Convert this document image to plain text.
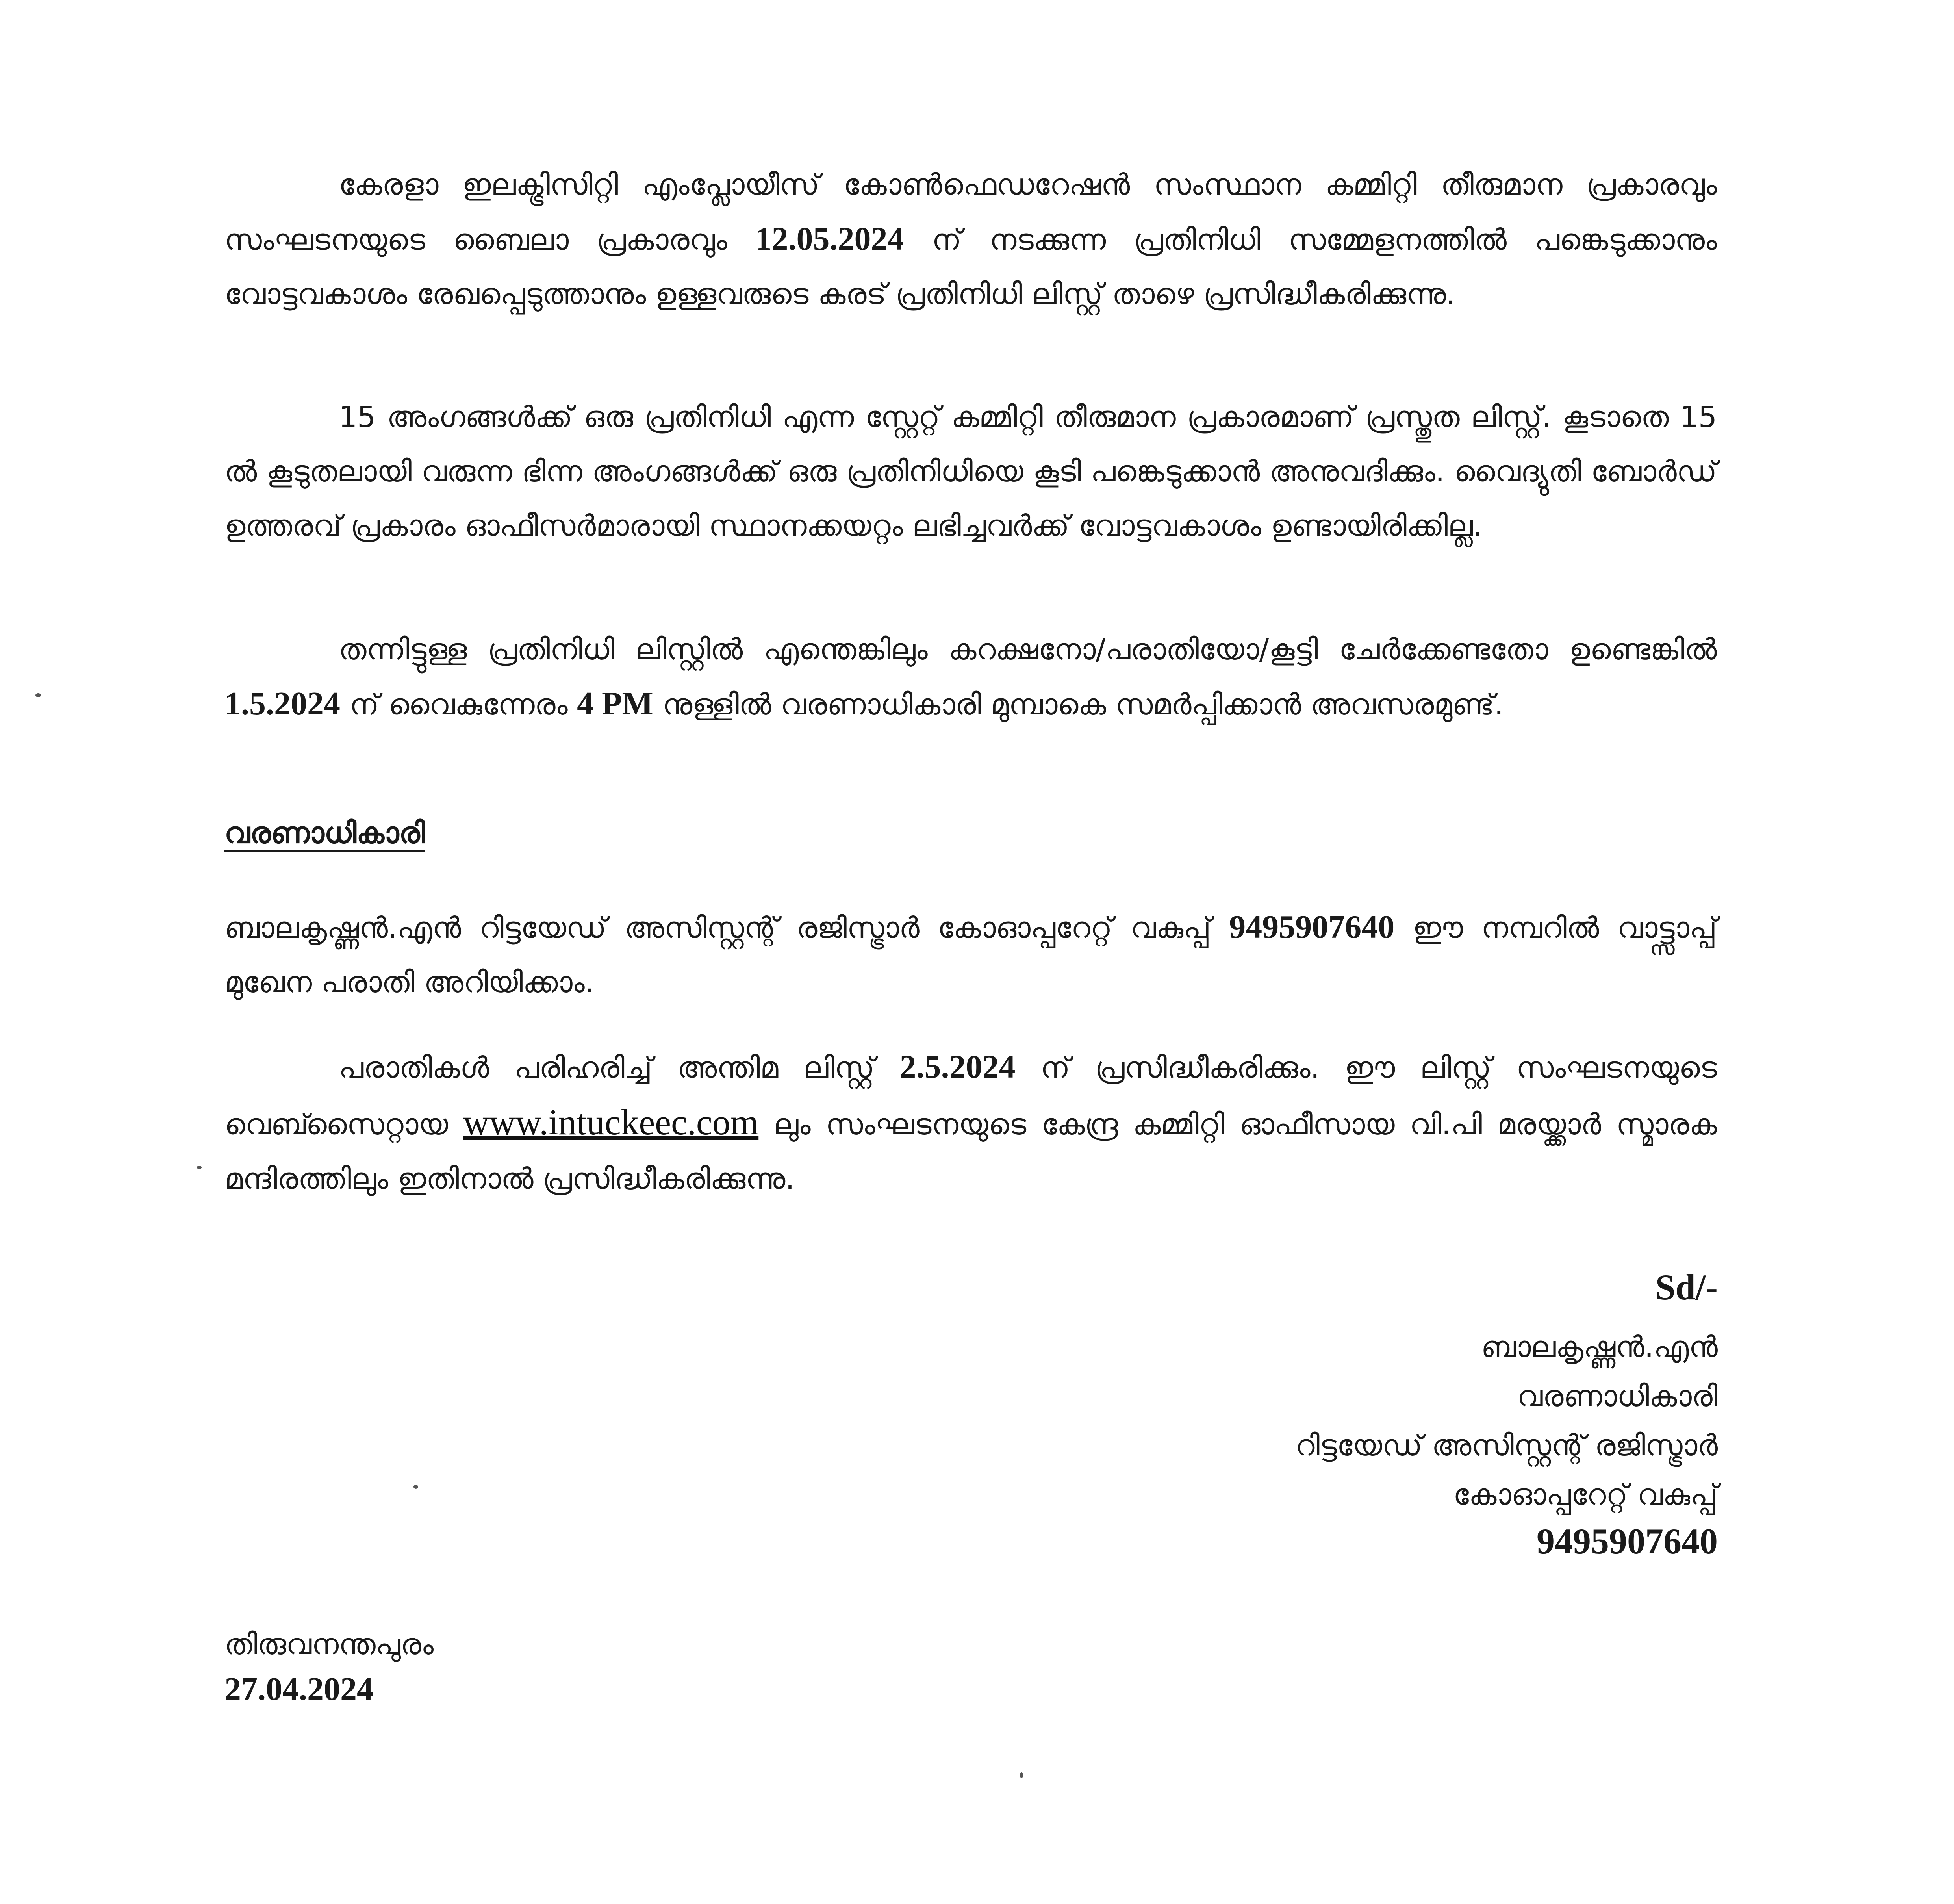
കേരളാ ഇലക്ട്രിസിറ്റി എംപ്ലോയീസ് കോൺഫെഡറേഷൻ സംസ്ഥാന കമ്മിറ്റി തീരുമാന പ്രകാരവും സംഘടനയുടെ ബൈലാ പ്രകാരവും 12.05.2024 ന് നടക്കുന്ന പ്രതിനിധി സമ്മേളനത്തിൽ പങ്കെടുക്കാനും വോട്ടവകാശം രേഖപ്പെടുത്താനും ഉള്ളവരുടെ കരട് പ്രതിനിധി ലിസ്റ്റ് താഴെ പ്രസിദ്ധീകരിക്കുന്നു.

15 അംഗങ്ങൾക്ക് ഒരു പ്രതിനിധി എന്ന സ്റ്റേറ്റ് കമ്മിറ്റി തീരുമാന പ്രകാരമാണ് പ്രസ്തുത ലിസ്റ്റ്. കൂടാതെ 15 ൽ കൂടുതലായി വരുന്ന ഭിന്ന അംഗങ്ങൾക്ക് ഒരു പ്രതിനിധിയെ കൂടി പങ്കെടുക്കാൻ അനുവദിക്കും. വൈദ്യുതി ബോർഡ് ഉത്തരവ് പ്രകാരം ഓഫീസർമാരായി സ്ഥാനക്കയറ്റം ലഭിച്ചവർക്ക് വോട്ടവകാശം ഉണ്ടായിരിക്കില്ല.

തന്നിട്ടുള്ള പ്രതിനിധി ലിസ്റ്റിൽ എന്തെങ്കിലും കറക്ഷനോ/പരാതിയോ/കൂട്ടി ചേർക്കേണ്ടതോ ഉണ്ടെങ്കിൽ 1.5.2024 ന് വൈകുന്നേരം 4 PM നുള്ളിൽ വരണാധികാരി മുമ്പാകെ സമർപ്പിക്കാൻ അവസരമുണ്ട്.

വരണാധികാരി

ബാലകൃഷ്ണൻ.എൻ റിട്ടയേഡ് അസിസ്റ്റന്റ് രജിസ്ട്രാർ കോഓപ്പറേറ്റ് വകുപ്പ് 9495907640 ഈ നമ്പറിൽ വാട്ട്സാപ്പ് മുഖേന പരാതി അറിയിക്കാം.

പരാതികൾ പരിഹരിച്ച് അന്തിമ ലിസ്റ്റ് 2.5.2024 ന് പ്രസിദ്ധീകരിക്കും. ഈ ലിസ്റ്റ് സംഘടനയുടെ വെബ്സൈറ്റായ www.intuckeec.com ലും സംഘടനയുടെ കേന്ദ്ര കമ്മിറ്റി ഓഫീസായ വി.പി മരയ്ക്കാർ സ്മാരക മന്ദിരത്തിലും ഇതിനാൽ പ്രസിദ്ധീകരിക്കുന്നു.

Sd/-

ബാലകൃഷ്ണൻ.എൻ

വരണാധികാരി

റിട്ടയേഡ് അസിസ്റ്റന്റ് രജിസ്ട്രാർ

കോഓപ്പറേറ്റ് വകുപ്പ്

9495907640

തിരുവനന്തപുരം

27.04.2024
